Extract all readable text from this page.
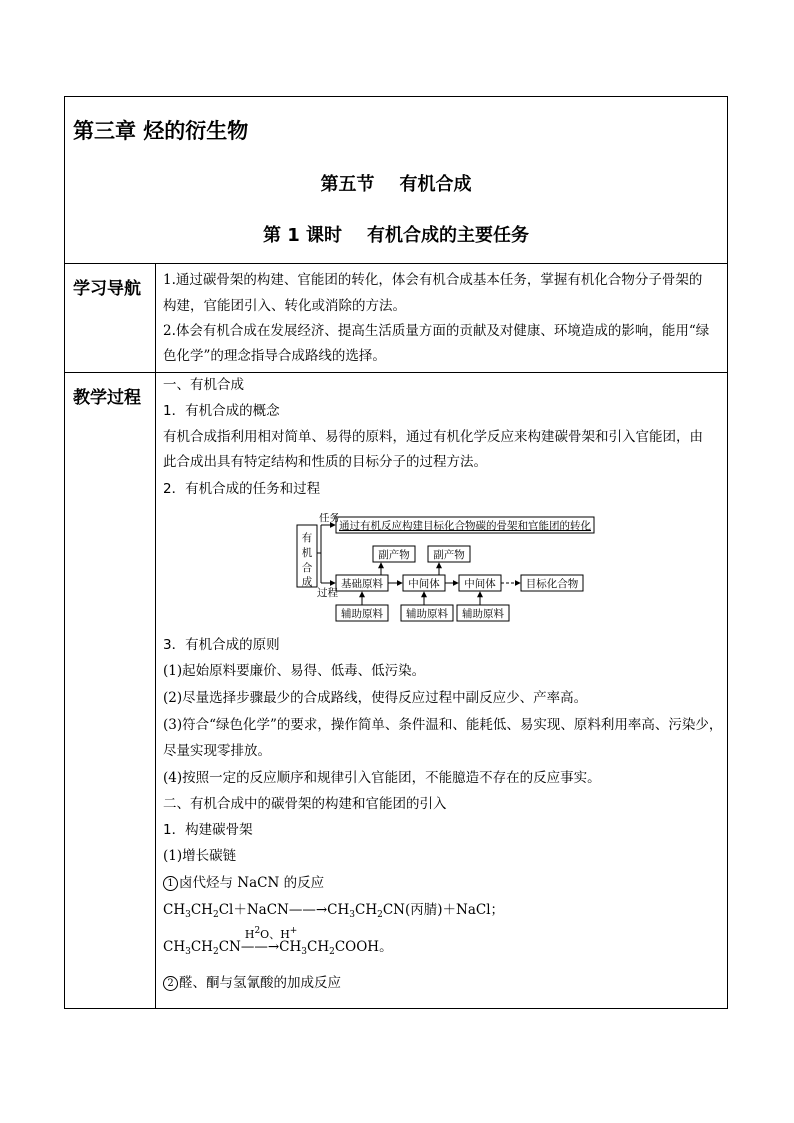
第三章 烃的衍生物
第五节    有机合成
第 1 课时    有机合成的主要任务
学习导航 1.通过碳骨架的构建、官能团的转化，体会有机合成基本任务，掌握有机化合物分子骨架的
构建，官能团引入、转化或消除的方法。
2.体会有机合成在发展经济、提高生活质量方面的贡献及对健康、环境造成的影响，能用“绿
色化学”的理念指导合成路线的选择。
教学过程
一、有机合成
1．有机合成的概念
有机合成指利用相对简单、易得的原料，通过有机化学反应来构建碳骨架和引入官能团，由
此合成出具有特定结构和性质的目标分子的过程方法。
2．有机合成的任务和过程
有
机
合
成
任务
过程
通过有机反应构建目标化合物碳的骨架和官能团的转化
副产物 副产物
基础原料 中间体 中间体	目标化合物
辅助原料 辅助原料 辅助原料
3．有机合成的原则
(1)起始原料要廉价、易得、低毒、低污染。
(2)尽量选择步骤最少的合成路线，使得反应过程中副反应少、产率高。
(3)符合“绿色化学”的要求，操作简单、条件温和、能耗低、易实现、原料利用率高、污染少，
尽量实现零排放。
(4)按照一定的反应顺序和规律引入官能团，不能臆造不存在的反应事实。
二、有机合成中的碳骨架的构建和官能团的引入
1．构建碳骨架
(1)增长碳链
1 卤代烃与 NaCN 的反应
$CH_3CH_2Cl+NaCN——\to CH_3CH_2CN$(丙腈)＋NaCl；
$CH_3CH_2CN$
$H^2O$、H+
$——\to CH_3CH_2COOH$。
2 醛、酮与氢氰酸的加成反应
